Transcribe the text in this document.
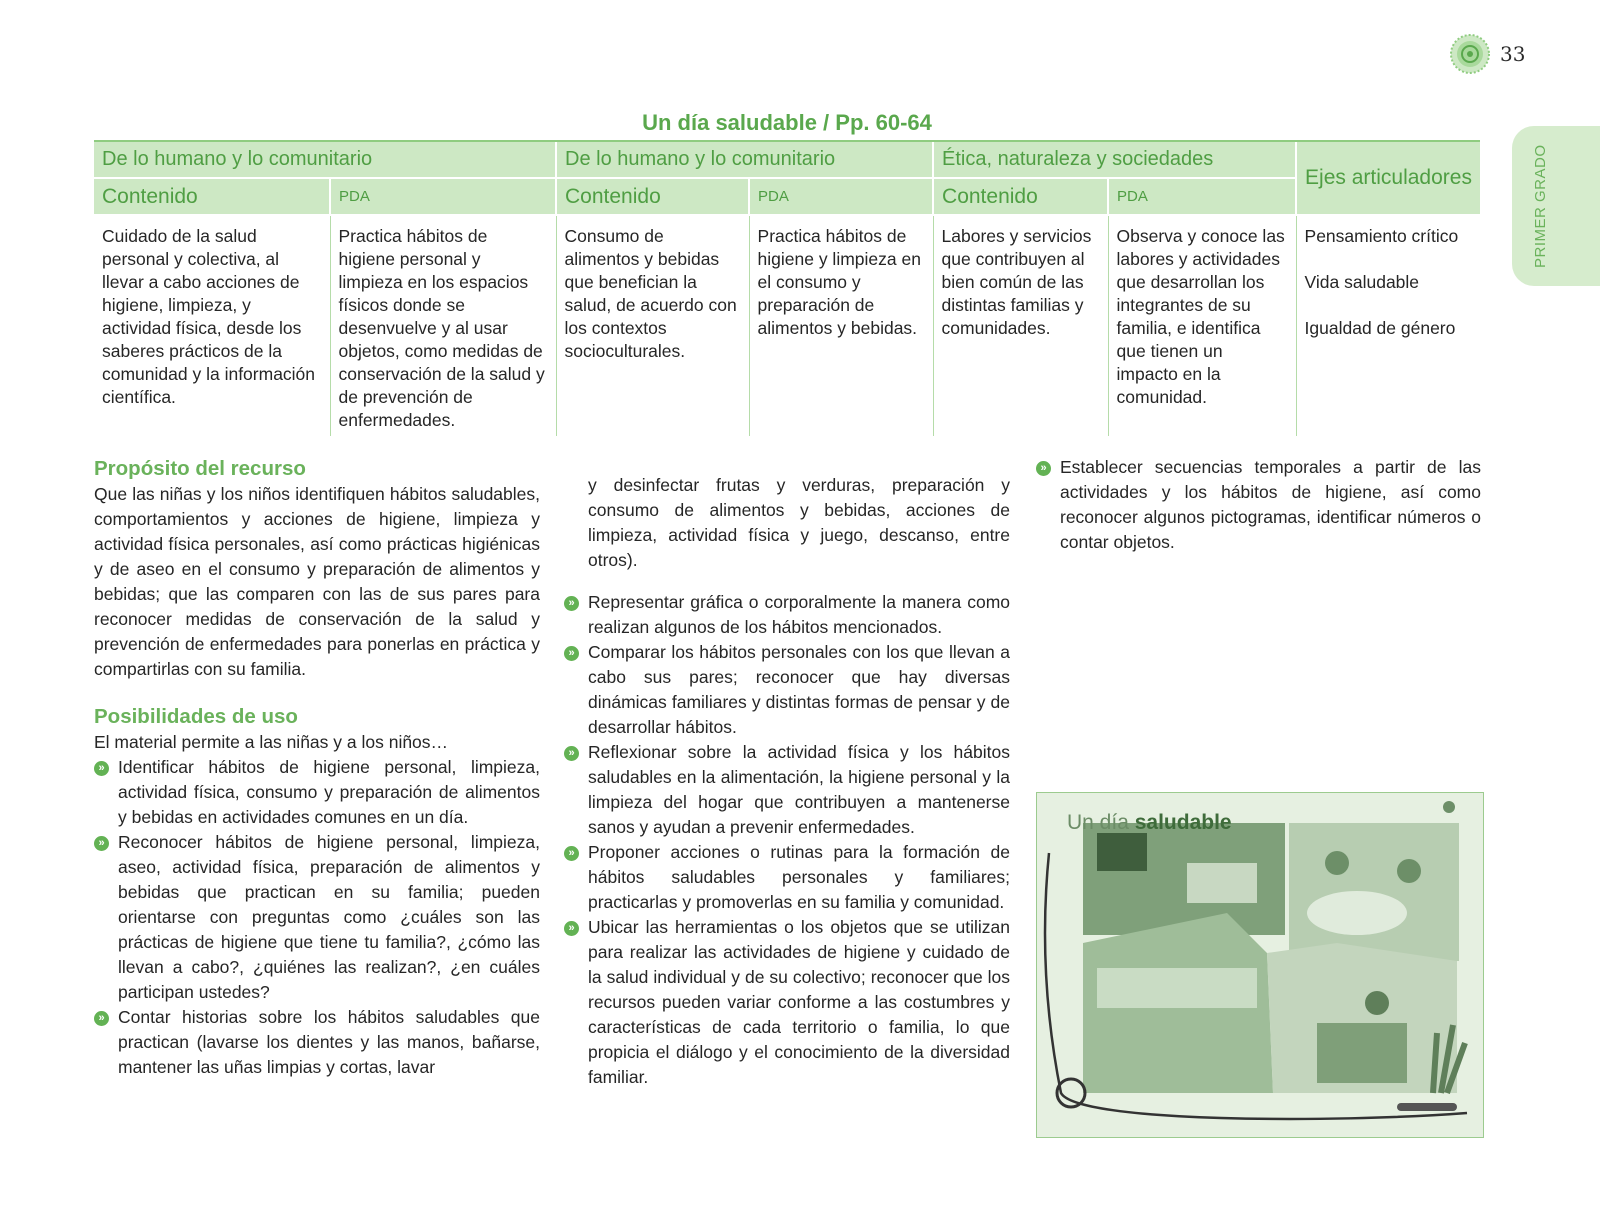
33
PRIMER GRADO
Un día saludable / Pp. 60-64
De lo humano y lo comunitario		De lo humano y lo comunitario		Ética, naturaleza y sociedades		Ejes articuladores
Contenido	PDA	Contenido	PDA	Contenido	PDA	
Cuidado de la salud personal y colectiva, al llevar a cabo acciones de higiene, limpieza, y actividad física, desde los saberes prácticos de la comunidad y la información científica.	Practica hábitos de higiene personal y limpieza en los espacios físicos donde se desenvuelve y al usar objetos, como medidas de conservación de la salud y de prevención de enfermedades.	Consumo de alimentos y bebidas que benefician la salud, de acuerdo con los contextos socioculturales.	Practica hábitos de higiene y limpieza en el consumo y preparación de alimentos y bebidas.	Labores y servicios que contribuyen al bien común de las distintas familias y comunidades.	Observa y conoce las labores y actividades que desarrollan los integrantes de su familia, e identifica que tienen un impacto en la comunidad.	Pensamiento crítico

Vida saludable

Igualdad de género

Propósito del recurso

Que las niñas y los niños identifiquen hábitos saludables, comportamientos y acciones de higiene, limpieza y actividad física personales, así como prácticas higiénicas y de aseo en el consumo y preparación de alimentos y bebidas; que las comparen con las de sus pares para reconocer medidas de conservación de la salud y prevención de enfermedades para ponerlas en práctica y compartirlas con su familia.

Posibilidades de uso

El material permite a las niñas y a los niños…

» Identificar hábitos de higiene personal, limpieza, actividad física, consumo y preparación de alimentos y bebidas en actividades comunes en un día.
» Reconocer hábitos de higiene personal, limpieza, aseo, actividad física, preparación de alimentos y bebidas que practican en su familia; pueden orientarse con preguntas como ¿cuáles son las prácticas de higiene que tiene tu familia?, ¿cómo las llevan a cabo?, ¿quiénes las realizan?, ¿en cuáles participan ustedes?
» Contar historias sobre los hábitos saludables que practican (lavarse los dientes y las manos, bañarse, mantener las uñas limpias y cortas, lavar

y desinfectar frutas y verduras, preparación y consumo de alimentos y bebidas, acciones de limpieza, actividad física y juego, descanso, entre otros).

» Representar gráfica o corporalmente la manera como realizan algunos de los hábitos mencionados.
» Comparar los hábitos personales con los que llevan a cabo sus pares; reconocer que hay diversas dinámicas familiares y distintas formas de pensar y de desarrollar hábitos.
» Reflexionar sobre la actividad física y los hábitos saludables en la alimentación, la higiene personal y la limpieza del hogar que contribuyen a mantenerse sanos y ayudan a prevenir enfermedades.
» Proponer acciones o rutinas para la formación de hábitos saludables personales y familiares; practicarlas y promoverlas en su familia y comunidad.
» Ubicar las herramientas o los objetos que se utilizan para realizar las actividades de higiene y cuidado de la salud individual y de su colectivo; reconocer que los recursos pueden variar conforme a las costumbres y características de cada territorio o familia, lo que propicia el diálogo y el conocimiento de la diversidad familiar.
» Establecer secuencias temporales a partir de las actividades y los hábitos de higiene, así como reconocer algunos pictogramas, identificar números o contar objetos.
Un día saludable
